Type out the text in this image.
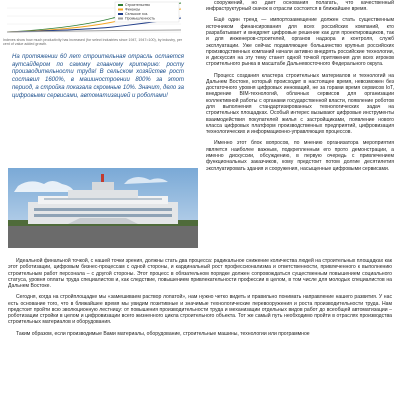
Строительство
Финансы
Сельское хоз.
Промышленность
Indexes show how much productivity has increased (for select industries since 1947, 1947=100), by industry, per cent of value added growth.
На протяжении 60 лет строительная отрасль остается аутсайдером по самому главному критерию: росту производительности труда! В сельском хозяйстве рост составил 1600%, в машиностроении 800% за этот период, а стройка показала скромные 10%. Значит, дело за цифровыми сервисами, автоматизацией и роботами!

сооружений, но дает основания полагать, что качественный инфраструктурный скачок в отрасли состоится в ближайшее время.

Ещё один тренд — импортозамещение должен стать существенным источником финансирования для всех российских компаний, кто разрабатывает и внедряет цифровые решение как для проектировщиков, так и для инженеров-строителей, органов надзора и контроля, служб эксплуатации. Уже сейчас подавляющее большинство крупных российских производственных компаний начали активно внедрять российские технологии, и дискуссия на эту тему станет одной точкой притяжения для всех игроков строительного рынка в масштабе Дальневосточного Федерального округа.

Процесс создания кластера строительных материалов и технологий на Дальнем Востоке, который происходит в настоящее время, невозможен без достаточного уровня цифровых инноваций, не за горами время сервисов IoT, внедрение BIM-технологий, облачных сервисов для организации коллективной работы с органами государственной власти, появление роботов для выполнения стандартизированных технологических задач на строительных площадках. Особый интерес вызывают цифровые инструменты взаимодействия покупателей жилья с застройщиками, появление нового класса цифровых платформ производственных предприятий, цифровизация технологических и информационно-управляющих процессов.

Именно этот блок вопросов, по мнению организатора мероприятия является наиболее важным, подкрепленным его прото демонстрации, а именно дискуссии, обсуждению, в первую очередь с привлечением функциональных заказчиков, кому предстоит потом долгие десятилетия эксплуатировать здания и сооружения, насыщенные цифровыми сервисами.

Идеальной финальной точкой, с нашей точки зрения, должны стать два процесса: радикальное снижение количества людей на строительных площадках как этот роботизации, цифровым бизнес-процессам с одной стороны, и кардинальный рост профессионализма и ответственности, привлеченного к выполнению строительным работ персонала – с другой стороны. Этот процесс в обязательном порядке должен сопровождаться существенным повышением социального статуса, уровня оплаты труда специалистов и, как следствие, повышением привлекательности профессии в целом, в том числе для молодых специалистов на Дальнем Востоке.

Сегодня, когда на стройплощадке мы «замешиваем раствор лопатой», нам нужно четко видеть и правильно понимать направление нашего развития. У нас есть основание того, что в ближайшее время мы увидим позитивные и значимые технологические перевооружения и роста производительности труда. Нам предстоит пройти всю эволюционную лестницу: от повышения производительности труда и механизации отдельных видов работ до всеобщей автоматизации – роботизации стройки в целом и цифровизации всего жизненного цикла строительного объекта. Тот же самый путь необходимо пройти в отраслях производства строительных материалов и оборудования.

Таким образом, если производимые Вами материалы, оборудование, строительные машины, технологии или программное
